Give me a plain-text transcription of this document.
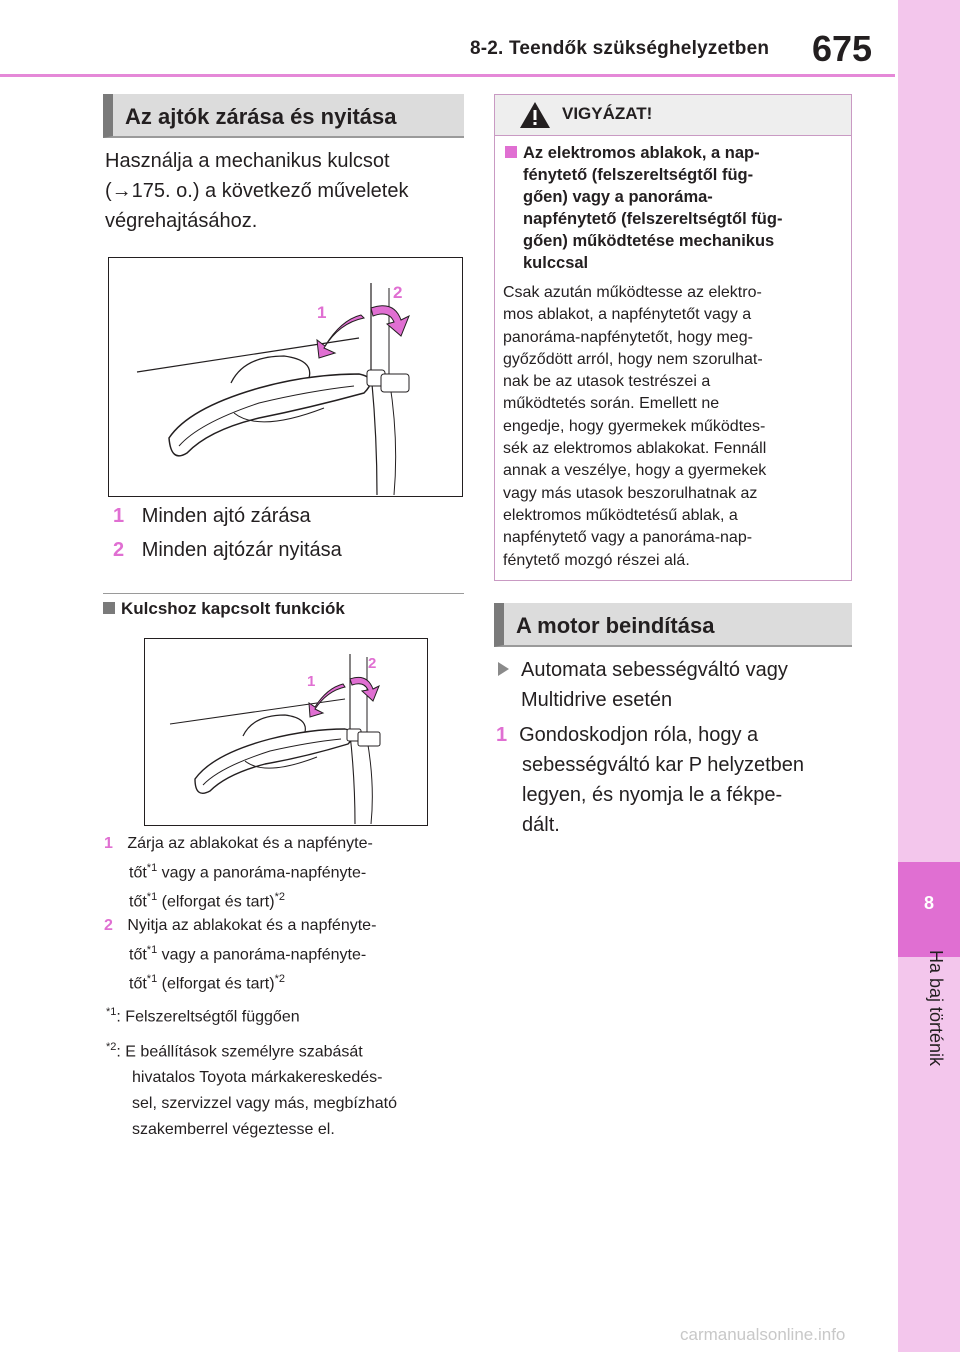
8-2. Teendők szükséghelyzetben 675
8
Ha baj történik
Az ajtók zárása és nyitása
Használja a mechanikus kulcsot
(→175. o.) a következő műveletek
végrehajtásához.
1
2
1 Minden ajtó zárása
2 Minden ajtózár nyitása
Kulcshoz kapcsolt funkciók
1
2
1 Zárja az ablakokat és a napfényte-
tőt$^{*1}$ vagy a panoráma-napfényte-
tőt$^{*1}$ (elforgat és tart)$^{*2}$
2 Nyitja az ablakokat és a napfényte-
tőt$^{*1}$ vagy a panoráma-napfényte-
tőt$^{*1}$ (elforgat és tart)$^{*2}$
$^{*1}$: Felszereltségtől függően
$^{*2}$: E beállítások személyre szabását
hivatalos Toyota márkakereskedés-
sel, szervizzel vagy más, megbízható
szakemberrel végeztesse el.
VIGYÁZAT!
Az elektromos ablakok, a nap-
fénytető (felszereltségtől füg-
gően) vagy a panoráma-
napfénytető (felszereltségtől füg-
gően) működtetése mechanikus
kulccsal
Csak azután működtesse az elektro-
mos ablakot, a napfénytetőt vagy a
panoráma-napfénytetőt, hogy meg-
győződött arról, hogy nem szorulhat-
nak be az utasok testrészei a
működtetés során. Emellett ne
engedje, hogy gyermekek működtes-
sék az elektromos ablakokat. Fennáll
annak a veszélye, hogy a gyermekek
vagy más utasok beszorulhatnak az
elektromos működtetésű ablak, a
napfénytető vagy a panoráma-nap-
fénytető mozgó részei alá.
A motor beindítása
Automata sebességváltó vagy
Multidrive esetén
1 Gondoskodjon róla, hogy a
sebességváltó kar P helyzetben
legyen, és nyomja le a fékpe-
dált.
carmanualsonline.info
